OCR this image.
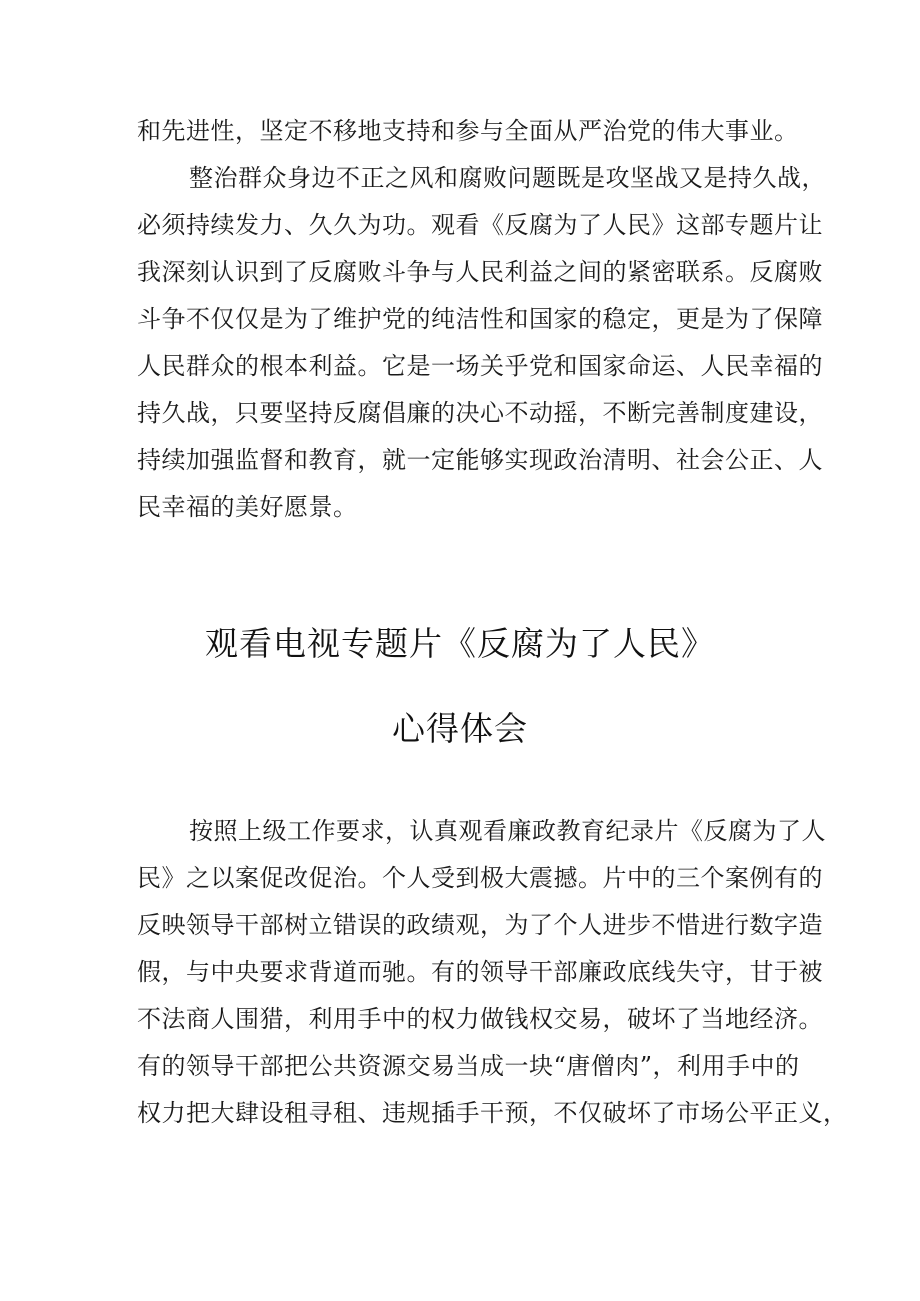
和先进性，坚定不移地支持和参与全面从严治党的伟大事业。
整治群众身边不正之风和腐败问题既是攻坚战又是持久战，
必须持续发力、久久为功。观看《反腐为了人民》这部专题片让
我深刻认识到了反腐败斗争与人民利益之间的紧密联系。反腐败
斗争不仅仅是为了维护党的纯洁性和国家的稳定，更是为了保障
人民群众的根本利益。它是一场关乎党和国家命运、人民幸福的
持久战，只要坚持反腐倡廉的决心不动摇，不断完善制度建设，
持续加强监督和教育，就一定能够实现政治清明、社会公正、人
民幸福的美好愿景。
观看电视专题片《反腐为了人民》
心得体会
按照上级工作要求，认真观看廉政教育纪录片《反腐为了人
民》之以案促改促治。个人受到极大震撼。片中的三个案例有的
反映领导干部树立错误的政绩观，为了个人进步不惜进行数字造
假，与中央要求背道而驰。有的领导干部廉政底线失守，甘于被
不法商人围猎，利用手中的权力做钱权交易，破坏了当地经济。
有的领导干部把公共资源交易当成一块“唐僧肉”，利用手中的
权力把大肆设租寻租、违规插手干预，不仅破坏了市场公平正义，
